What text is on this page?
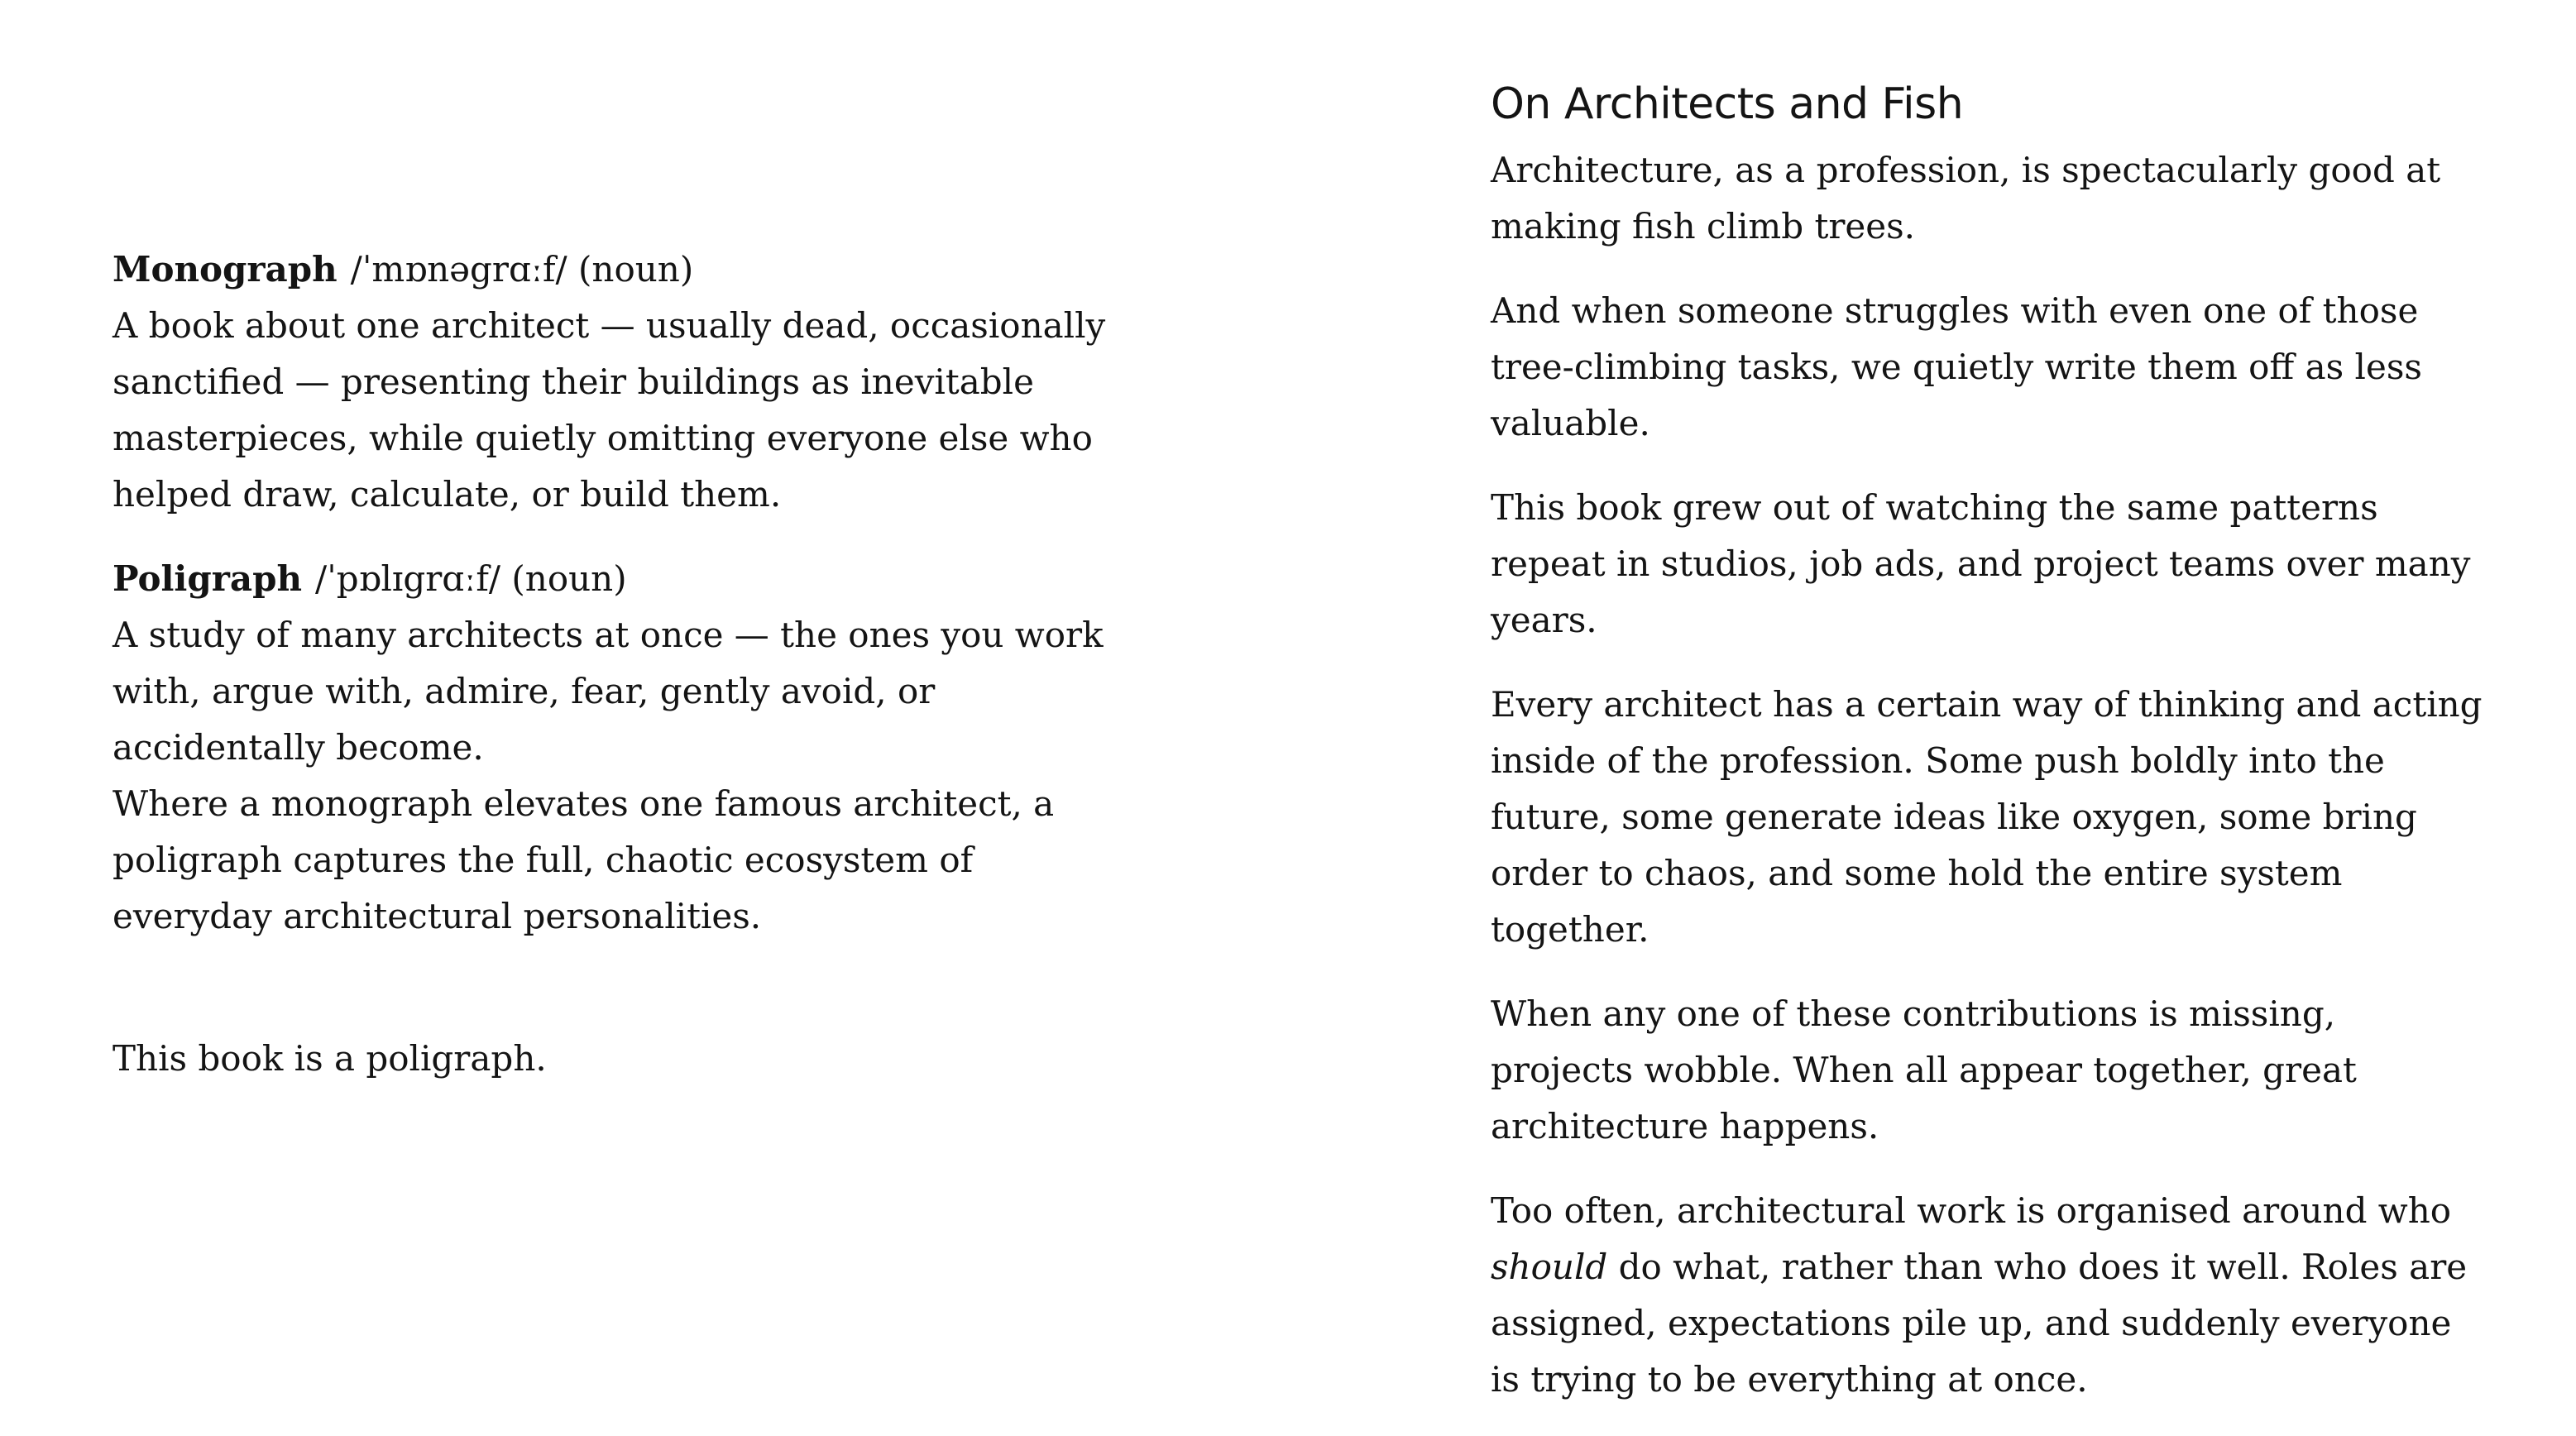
Monograph /ˈmɒnəgrɑːf/ (noun)

A book about one architect — usually dead, occasionally sanctified — presenting their buildings as inevitable masterpieces, while quietly omitting everyone else who helped draw, calculate, or build them.

Poligraph /ˈpɒlɪgrɑːf/ (noun)

A study of many architects at once — the ones you work with, argue with, admire, fear, gently avoid, or accidentally become.

Where a monograph elevates one famous architect, a poligraph captures the full, chaotic ecosystem of everyday architectural personalities.

This book is a poligraph.

On Architects and Fish

Architecture, as a profession, is spectacularly good at making fish climb trees.

And when someone struggles with even one of those tree-climbing tasks, we quietly write them off as less valuable.

This book grew out of watching the same patterns repeat in studios, job ads, and project teams over many years.

Every architect has a certain way of thinking and acting inside of the profession. Some push boldly into the future, some generate ideas like oxygen, some bring order to chaos, and some hold the entire system together.

When any one of these contributions is missing, projects wobble. When all appear together, great architecture happens.

Too often, architectural work is organised around who should do what, rather than who does it well. Roles are assigned, expectations pile up, and suddenly everyone is trying to be everything at once.
